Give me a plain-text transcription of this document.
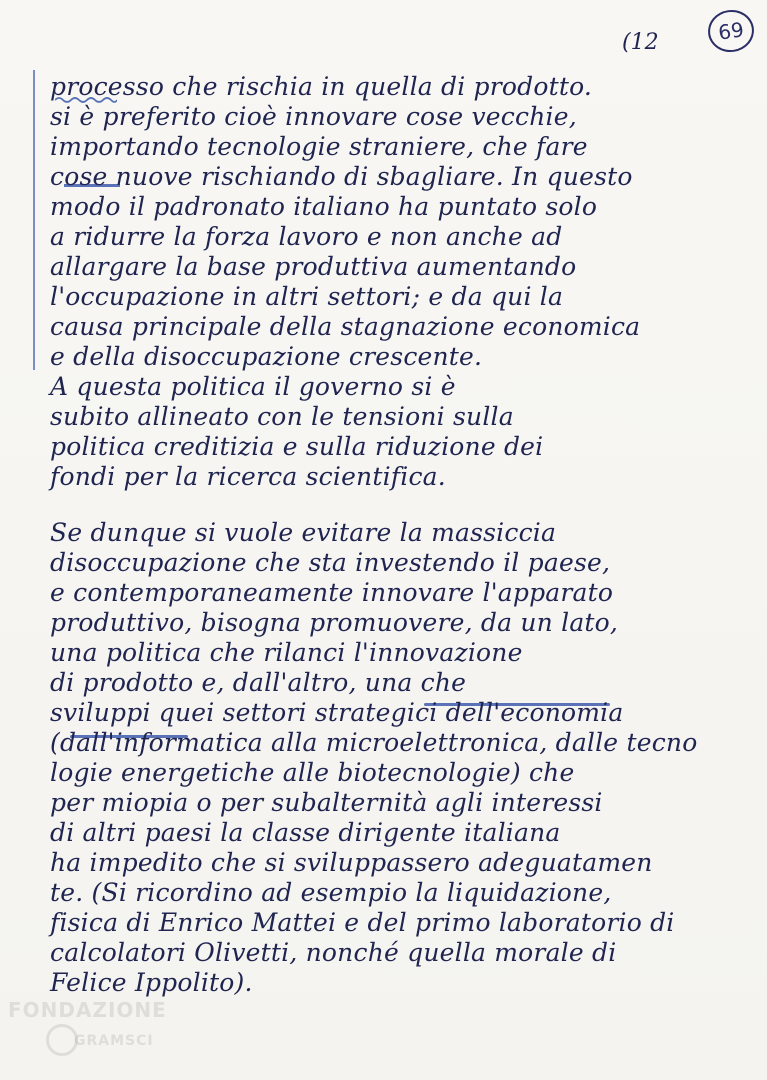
69
(12
processo che rischia in quella di prodotto.
si è preferito cioè innovare cose vecchie,
importando tecnologie straniere, che fare
cose nuove rischiando di sbagliare. In questo
modo il padronato italiano ha puntato solo
a ridurre la forza lavoro e non anche ad
allargare la base produttiva aumentando
l'occupazione in altri settori; e da qui la
causa principale della stagnazione economica
e della disoccupazione crescente.
A questa politica il governo si è
subito allineato con le tensioni sulla
politica creditizia e sulla riduzione dei
fondi per la ricerca scientifica.
Se dunque si vuole evitare la massiccia
disoccupazione che sta investendo il paese,
e contemporaneamente innovare l'apparato
produttivo, bisogna promuovere, da un lato,
una politica che rilanci l'innovazione
di prodotto e, dall'altro, una che
sviluppi quei settori strategici dell'economia
(dall'informatica alla microelettronica, dalle tecno
logie energetiche alle biotecnologie) che
per miopia o per subalternità agli interessi
di altri paesi la classe dirigente italiana
ha impedito che si sviluppassero adeguatamen
te. (Si ricordino ad esempio la liquidazione,
fisica di Enrico Mattei e del primo laboratorio di
calcolatori Olivetti, nonché quella morale di
Felice Ippolito).
FONDAZIONE
GRAMSCI
